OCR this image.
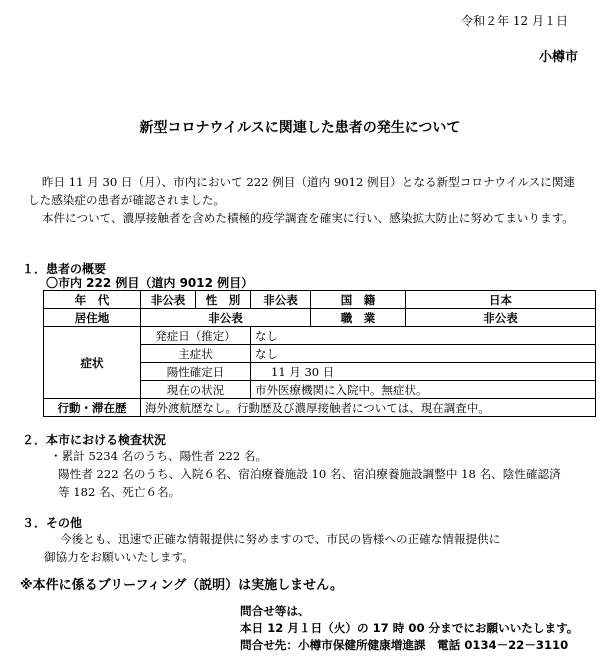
令和２年 12 月１日
小樽市
新型コロナウイルスに関連した患者の発生について
昨日 11 月 30 日（月）、市内において 222 例目（道内 9012 例目）となる新型コロナウイルスに関連した感染症の患者が確認されました。
本件について、濃厚接触者を含めた積極的疫学調査を確実に行い、感染拡大防止に努めてまいります。
１．患者の概要
〇市内 222 例目（道内 9012 例目）
年　代	非公表	性　別	非公表	国　籍	日本
居住地	非公表			職　業	非公表
症状	発症日（推定）		なし		
	主症状		なし		
	陽性確定日		11 月 30 日		
	現在の状況		市外医療機関に入院中。無症状。		
行動・滞在歴	海外渡航歴なし。行動歴及び濃厚接触者については、現在調査中。				
２．本市における検査状況
・累計 5234 名のうち、陽性者 222 名。
陽性者 222 名のうち、入院６名、宿泊療養施設 10 名、宿泊療養施設調整中 18 名、陰性確認済
等 182 名、死亡６名。
３．その他
今後とも、迅速で正確な情報提供に努めますので、市民の皆様への正確な情報提供に
御協力をお願いいたします。
※本件に係るブリーフィング（説明）は実施しません。
問合せ等は、
本日 12 月１日（火）の 17 時 00 分までにお願いいたします。
問合せ先：小樽市保健所健康増進課　電話 0134－22－3110
